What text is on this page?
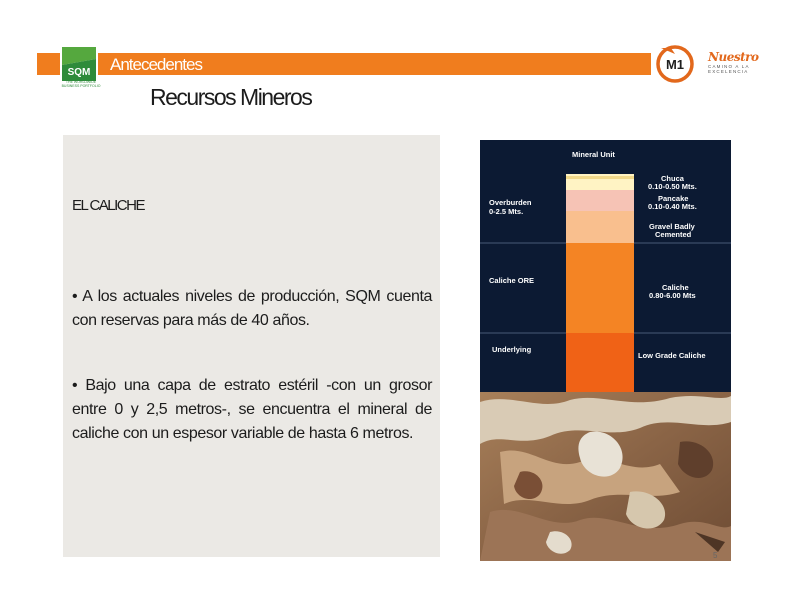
Antecedentes
SQM
THE WORLDWIDE BUSINESS PORTFOLIO
M1 Nuestro
CAMINO A LA EXCELENCIA
Recursos Mineros
EL CALICHE

• A los actuales niveles de producción, SQM cuenta con reservas para más de 40 años.

• Bajo una capa de estrato estéril -con un grosor entre 0 y 2,5 metros-, se encuentra el mineral de caliche con un espesor variable de hasta 6 metros.

Mineral Unit
Overburden
0-2.5 Mts.
Caliche ORE
Underlying
Chuca
0.10-0.50 Mts.
Pancake
0.10-0.40 Mts.
Gravel Badly
Cemented
Caliche
0.80-6.00 Mts
Low Grade Caliche
5
